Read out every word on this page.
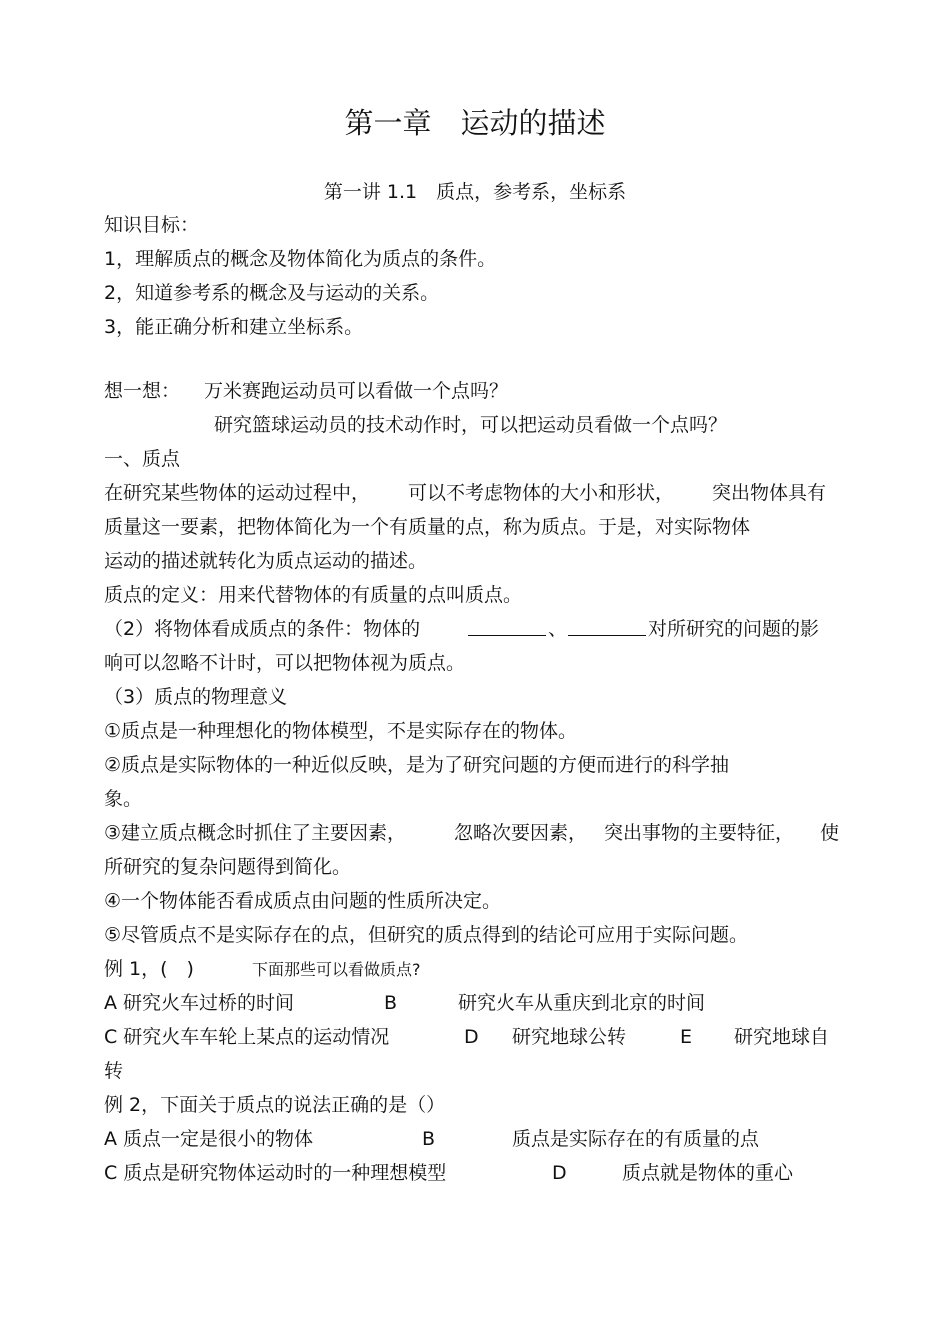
第一章　运动的描述
第一讲 1.1　质点，参考系，坐标系
知识目标：
1，理解质点的概念及物体简化为质点的条件。
2，知道参考系的概念及与运动的关系。
3，能正确分析和建立坐标系。
想一想： 万米赛跑运动员可以看做一个点吗？
研究篮球运动员的技术动作时，可以把运动员看做一个点吗？
一、质点
在研究某些物体的运动过程中， 可以不考虑物体的大小和形状， 突出物体具有
质量这一要素，把物体简化为一个有质量的点，称为质点。于是，对实际物体
运动的描述就转化为质点运动的描述。
质点的定义：用来代替物体的有质量的点叫质点。
（2）将物体看成质点的条件：物体的	、	对所研究的问题的影
响可以忽略不计时，可以把物体视为质点。
（3）质点的物理意义
①质点是一种理想化的物体模型，不是实际存在的物体。
②质点是实际物体的一种近似反映，是为了研究问题的方便而进行的科学抽
象。
③建立质点概念时抓住了主要因素，	忽略次要因素， 突出事物的主要特征， 使
所研究的复杂问题得到简化。
④一个物体能否看成质点由问题的性质所决定。
⑤尽管质点不是实际存在的点，但研究的质点得到的结论可应用于实际问题。
例 1，(　)	下面那些可以看做质点?
A 研究火车过桥的时间	B	研究火车从重庆到北京的时间
C 研究火车车轮上某点的运动情况	D 研究地球公转	E 研究地球自
转
例 2，下面关于质点的说法正确的是（）
A 质点一定是很小的物体	B	质点是实际存在的有质量的点
C 质点是研究物体运动时的一种理想模型	D	质点就是物体的重心
